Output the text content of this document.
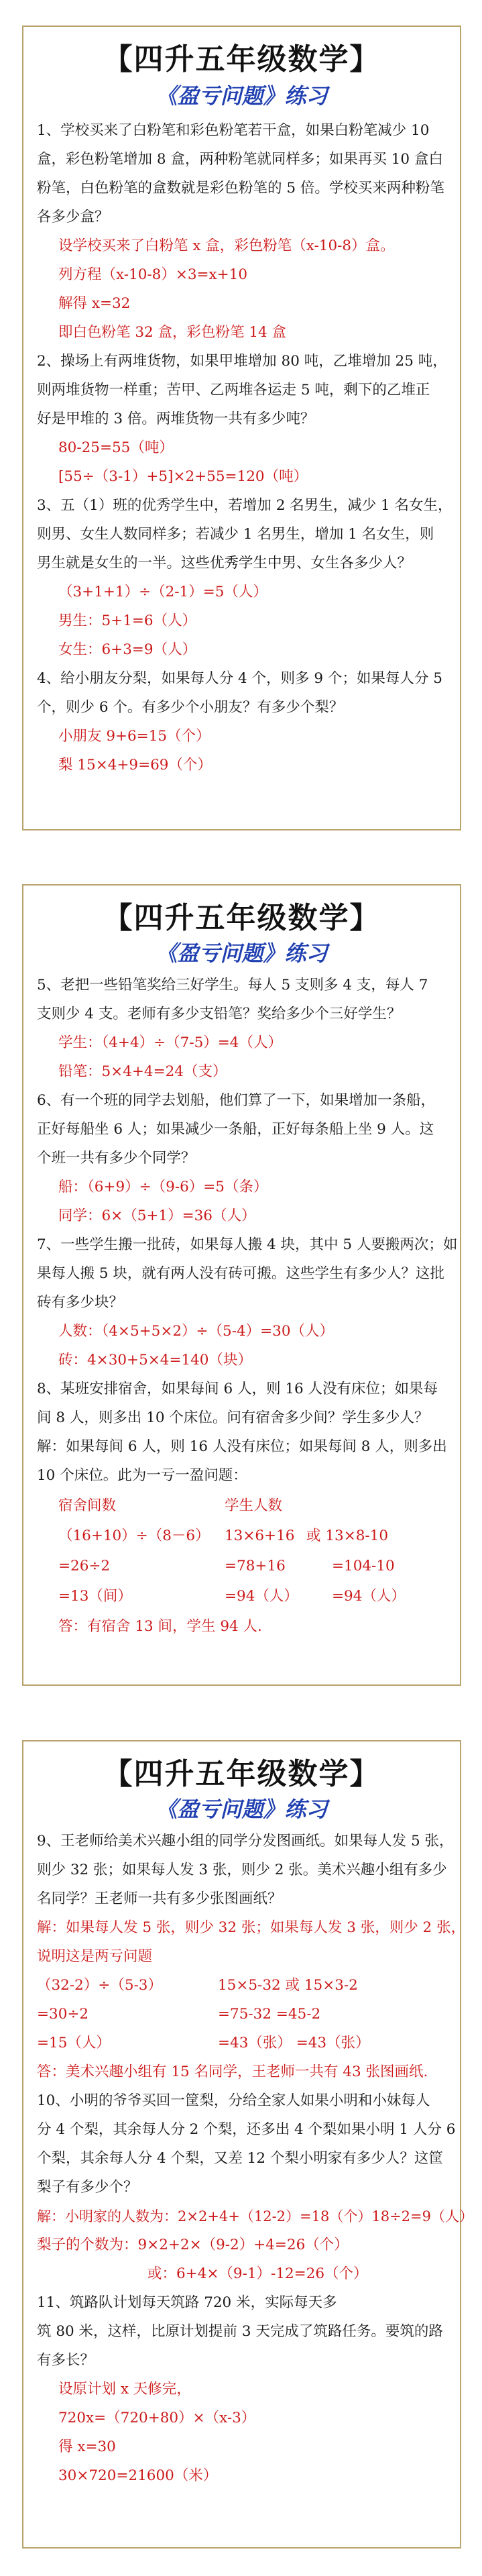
【四升五年级数学】
《盈亏问题》练习
1、学校买来了白粉笔和彩色粉笔若干盒，如果白粉笔减少 10
盒，彩色粉笔增加 8 盒，两种粉笔就同样多；如果再买 10 盒白
粉笔，白色粉笔的盒数就是彩色粉笔的 5 倍。学校买来两种粉笔
各多少盒？
设学校买来了白粉笔 x 盒，彩色粉笔（x-10-8）盒。
列方程（x-10-8）×3=x+10
解得 x=32
即白色粉笔 32 盒，彩色粉笔 14 盒
2、操场上有两堆货物，如果甲堆增加 80 吨，乙堆增加 25 吨，
则两堆货物一样重；苦甲、乙两堆各运走 5 吨，剩下的乙堆正
好是甲堆的 3 倍。两堆货物一共有多少吨？
80-25=55（吨）
[55÷（3-1）+5]×2+55=120（吨）
3、五（1）班的优秀学生中，若增加 2 名男生，减少 1 名女生，
则男、女生人数同样多；若减少 1 名男生，增加 1 名女生，则
男生就是女生的一半。这些优秀学生中男、女生各多少人？
（3+1+1）÷（2-1）=5（人）
男生：5+1=6（人）
女生：6+3=9（人）
4、给小朋友分梨，如果每人分 4 个，则多 9 个；如果每人分 5
个，则少 6 个。有多少个小朋友？有多少个梨？
小朋友 9+6=15（个）
梨 15×4+9=69（个）
【四升五年级数学】
《盈亏问题》练习
5、老把一些铅笔奖给三好学生。每人 5 支则多 4 支，每人 7
支则少 4 支。老师有多少支铅笔？奖给多少个三好学生？
学生：（4+4）÷（7-5）=4（人）
铅笔：5×4+4=24（支）
6、有一个班的同学去划船，他们算了一下，如果增加一条船，
正好每船坐 6 人；如果减少一条船，正好每条船上坐 9 人。这
个班一共有多少个同学？
船：（6+9）÷（9-6）=5（条）
同学：6×（5+1）=36（人）
7、一些学生搬一批砖，如果每人搬 4 块，其中 5 人要搬两次；如
果每人搬 5 块，就有两人没有砖可搬。这些学生有多少人？这批
砖有多少块？
人数：（4×5+5×2）÷（5-4）=30（人）
砖：4×30+5×4=140（块）
8、某班安排宿舍，如果每间 6 人，则 16 人没有床位；如果每
间 8 人，则多出 10 个床位。问有宿舍多少间？学生多少人？
解：如果每间 6 人，则 16 人没有床位；如果每间 8 人，则多出
10 个床位。此为一亏一盈问题：
宿舍间数	学生人数
（16+10）÷（8－6） 13×6+16 或 13×8-10
=26÷2	=78+16	=104-10
=13（间）	=94（人） =94（人）
答：有宿舍 13 间，学生 94 人.
【四升五年级数学】
《盈亏问题》练习
9、王老师给美术兴趣小组的同学分发图画纸。如果每人发 5 张，
则少 32 张；如果每人发 3 张，则少 2 张。美术兴趣小组有多少
名同学？王老师一共有多少张图画纸？
解：如果每人发 5 张，则少 32 张；如果每人发 3 张，则少 2 张，
说明这是两亏问题
（32-2）÷（5-3）	15×5-32 或 15×3-2
=30÷2	=75-32 =45-2
=15（人）	=43（张） =43（张）
答：美术兴趣小组有 15 名同学，王老师一共有 43 张图画纸.
10、小明的爷爷买回一筐梨，分给全家人如果小明和小妹每人
分 4 个梨，其余每人分 2 个梨，还多出 4 个梨如果小明 1 人分 6
个梨，其余每人分 4 个梨，又差 12 个梨小明家有多少人？这筐
梨子有多少个？
解：小明家的人数为：2×2+4+（12-2）=18（个）18÷2=9（人）
梨子的个数为：9×2+2×（9-2）+4=26（个）
或：6+4×（9-1）-12=26（个）
11、筑路队计划每天筑路 720 米，实际每天多
筑 80 米，这样，比原计划提前 3 天完成了筑路任务。要筑的路
有多长？
设原计划 x 天修完，
720x=（720+80）×（x-3）
得 x=30
30×720=21600（米）
